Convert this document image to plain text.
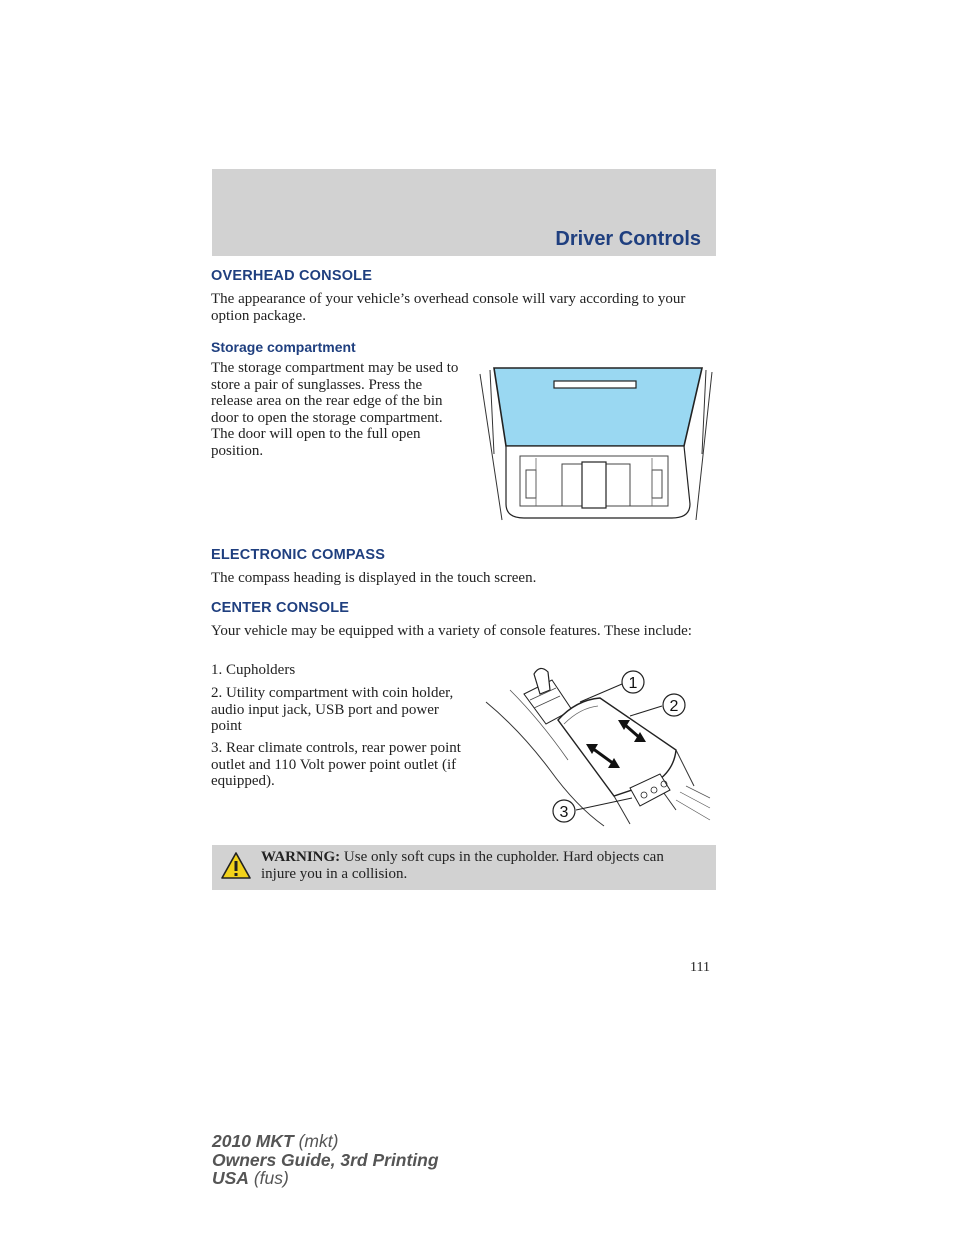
Driver Controls
OVERHEAD CONSOLE

The appearance of your vehicle’s overhead console will vary according to your option package.

Storage compartment

The storage compartment may be used to store a pair of sunglasses. Press the release area on the rear edge of the bin door to open the storage compartment. The door will open to the full open position.

ELECTRONIC COMPASS

The compass heading is displayed in the touch screen.

CENTER CONSOLE

Your vehicle may be equipped with a variety of console features. These include:

1. Cupholders

2. Utility compartment with coin holder, audio input jack, USB port and power point

3. Rear climate controls, rear power point outlet and 110 Volt power point outlet (if equipped).

1
2
3

WARNING: Use only soft cups in the cupholder. Hard objects can injure you in a collision.

111
2010 MKT (mkt)
Owners Guide, 3rd Printing
USA (fus)
